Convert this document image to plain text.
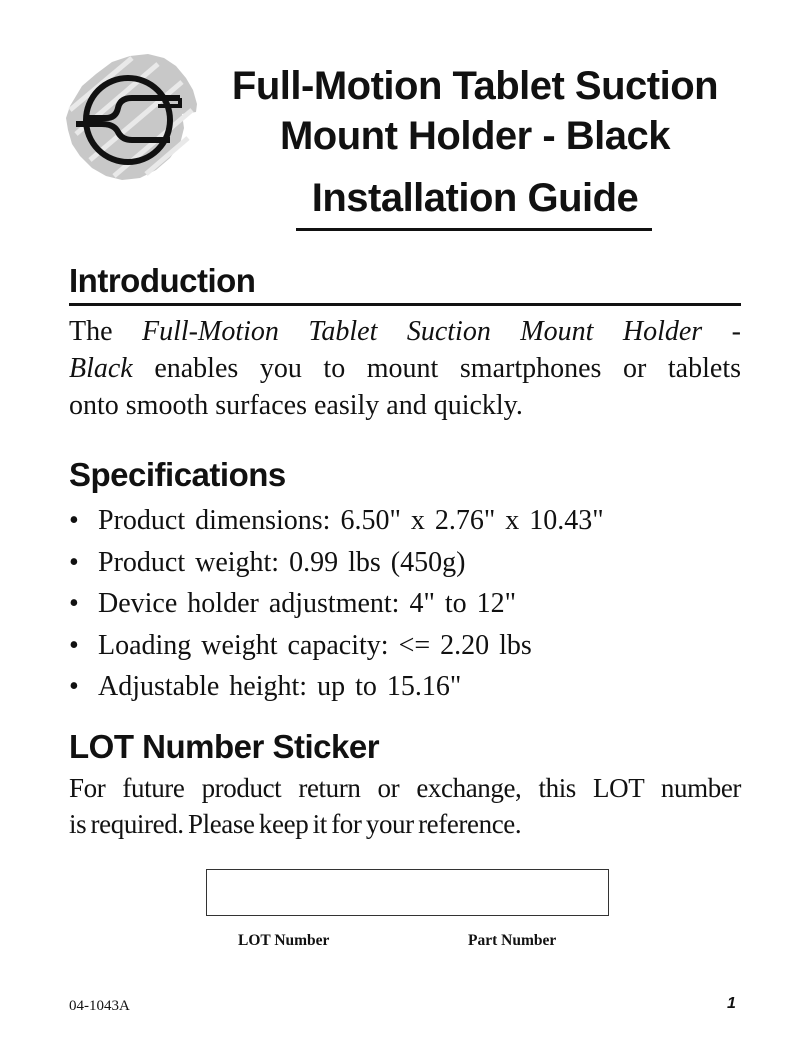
Full-Motion Tablet Suction
Mount Holder - Black
Installation Guide
Introduction
The Full-Motion Tablet Suction Mount Holder -
Black enables you to mount smartphones or tablets
onto smooth surfaces easily and quickly.
Specifications
• Product dimensions: 6.50" x 2.76" x 10.43"
• Product weight: 0.99 lbs (450g)
• Device holder adjustment: 4" to 12"
• Loading weight capacity: <= 2.20 lbs
• Adjustable height: up to 15.16"
LOT Number Sticker
For future product return or exchange, this LOT number
is required. Please keep it for your reference.
LOT Number	Part Number
04-1043A	1
